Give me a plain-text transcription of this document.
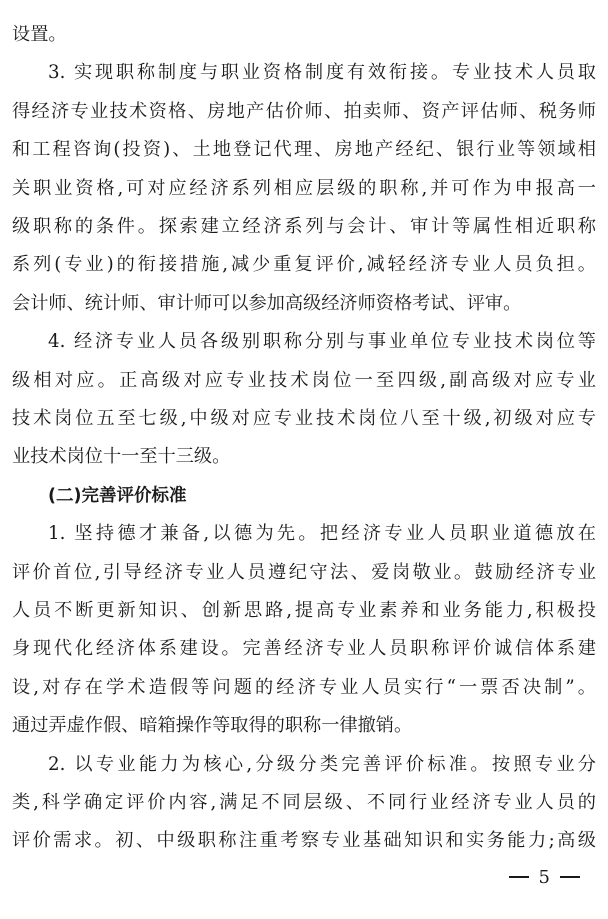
设置。
3. 实现职称制度与职业资格制度有效衔接。专业技术人员取
得经济专业技术资格、房地产估价师、拍卖师、资产评估师、税务师
和工程咨询(投资)、土地登记代理、房地产经纪、银行业等领域相
关职业资格,可对应经济系列相应层级的职称,并可作为申报高一
级职称的条件。探索建立经济系列与会计、审计等属性相近职称
系列(专业)的衔接措施,减少重复评价,减轻经济专业人员负担。
会计师、统计师、审计师可以参加高级经济师资格考试、评审。
4. 经济专业人员各级别职称分别与事业单位专业技术岗位等
级相对应。正高级对应专业技术岗位一至四级,副高级对应专业
技术岗位五至七级,中级对应专业技术岗位八至十级,初级对应专
业技术岗位十一至十三级。
(二)完善评价标准
1. 坚持德才兼备,以德为先。把经济专业人员职业道德放在
评价首位,引导经济专业人员遵纪守法、爱岗敬业。鼓励经济专业
人员不断更新知识、创新思路,提高专业素养和业务能力,积极投
身现代化经济体系建设。完善经济专业人员职称评价诚信体系建
设,对存在学术造假等问题的经济专业人员实行“一票否决制”。
通过弄虚作假、暗箱操作等取得的职称一律撤销。
2. 以专业能力为核心,分级分类完善评价标准。按照专业分
类,科学确定评价内容,满足不同层级、不同行业经济专业人员的
评价需求。初、中级职称注重考察专业基础知识和实务能力;高级
5
